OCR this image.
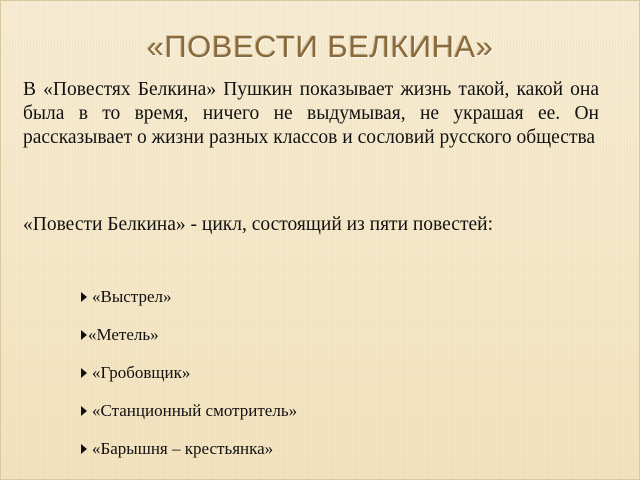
«ПОВЕСТИ БЕЛКИНА»

В «Повестях Белкина» Пушкин показывает жизнь такой, какой она была в то время, ничего не выдумывая, не украшая ее. Он рассказывает о жизни разных классов и сословий русского общества

«Повести Белкина» - цикл, состоящий из пяти повестей:

«Выстрел»
«Метель»
«Гробовщик»
«Станционный смотритель»
«Барышня – крестьянка»
